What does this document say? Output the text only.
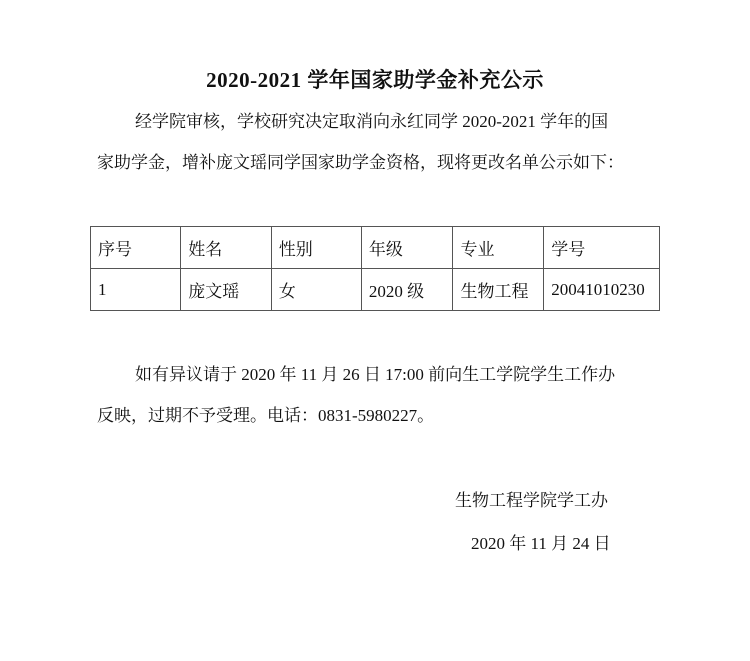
2020-2021 学年国家助学金补充公示

经学院审核，学校研究决定取消向永红同学 2020-2021 学年的国

家助学金，增补庞文瑶同学国家助学金资格，现将更改名单公示如下：

序号	姓名	性别	年级	专业	学号
1	庞文瑶	女	2020 级	生物工程	20041010230

如有异议请于 2020 年 11 月 26 日 17:00 前向生工学院学生工作办

反映，过期不予受理。电话：0831-5980227。

生物工程学院学工办
2020 年 11 月 24 日
